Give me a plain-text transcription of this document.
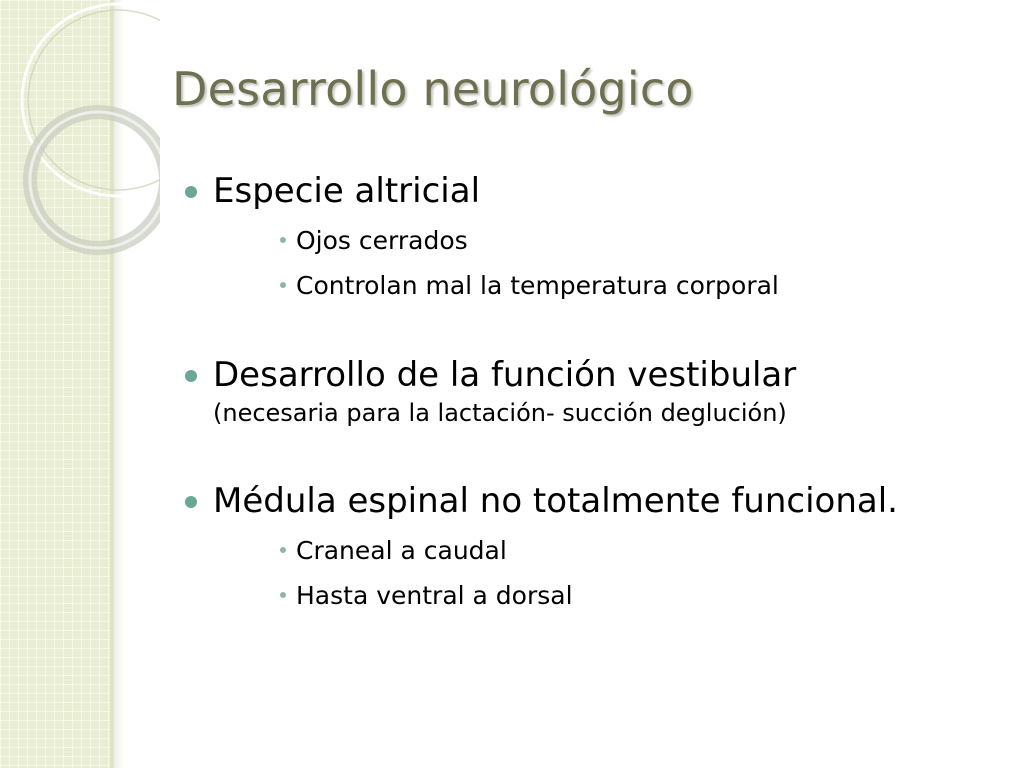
Desarrollo neurológico
Especie altricial
Ojos cerrados
Controlan mal la temperatura corporal
Desarrollo de la función vestibular
(necesaria para la lactación- succión deglución)
Médula espinal no totalmente funcional.
Craneal a caudal
Hasta ventral a dorsal
